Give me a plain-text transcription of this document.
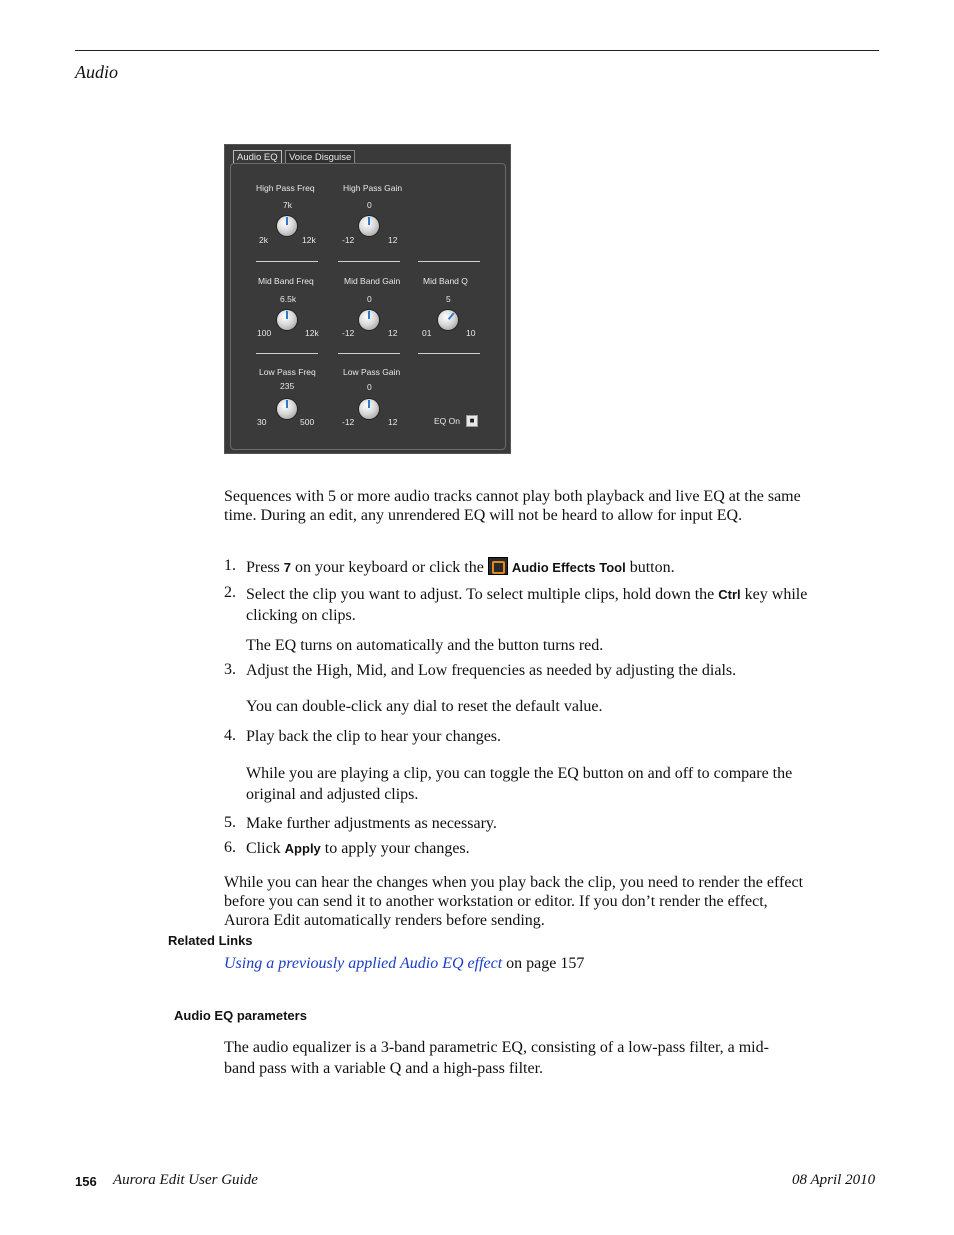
Audio
Audio EQ	Voice Disguise
High Pass Freq
7k
2k	12k
High Pass Gain
0
-12	12
Mid Band Freq
6.5k
100	12k
Mid Band Gain
0
-12	12
Mid Band Q
5
01	10
Low Pass Freq
235
30	500
Low Pass Gain
0
-12	12	EQ On	■

Sequences with 5 or more audio tracks cannot play both playback and live EQ at the same time. During an edit, any unrendered EQ will not be heard to allow for input EQ.

1. Press 7 on your keyboard or click the Audio Effects Tool button.
2. Select the clip you want to adjust. To select multiple clips, hold down the Ctrl key while clicking on clips.

The EQ turns on automatically and the button turns red.

3. Adjust the High, Mid, and Low frequencies as needed by adjusting the dials.

You can double-click any dial to reset the default value.

4. Play back the clip to hear your changes.

While you are playing a clip, you can toggle the EQ button on and off to compare the original and adjusted clips.

5. Make further adjustments as necessary.

6. Click Apply to apply your changes.

While you can hear the changes when you play back the clip, you need to render the effect before you can send it to another workstation or editor. If you don’t render the effect, Aurora Edit automatically renders before sending.

Related Links
Using a previously applied Audio EQ effect on page 157
Audio EQ parameters

The audio equalizer is a 3-band parametric EQ, consisting of a low-pass filter, a mid-band pass with a variable Q and a high-pass filter.

156 Aurora Edit User Guide	08 April 2010
